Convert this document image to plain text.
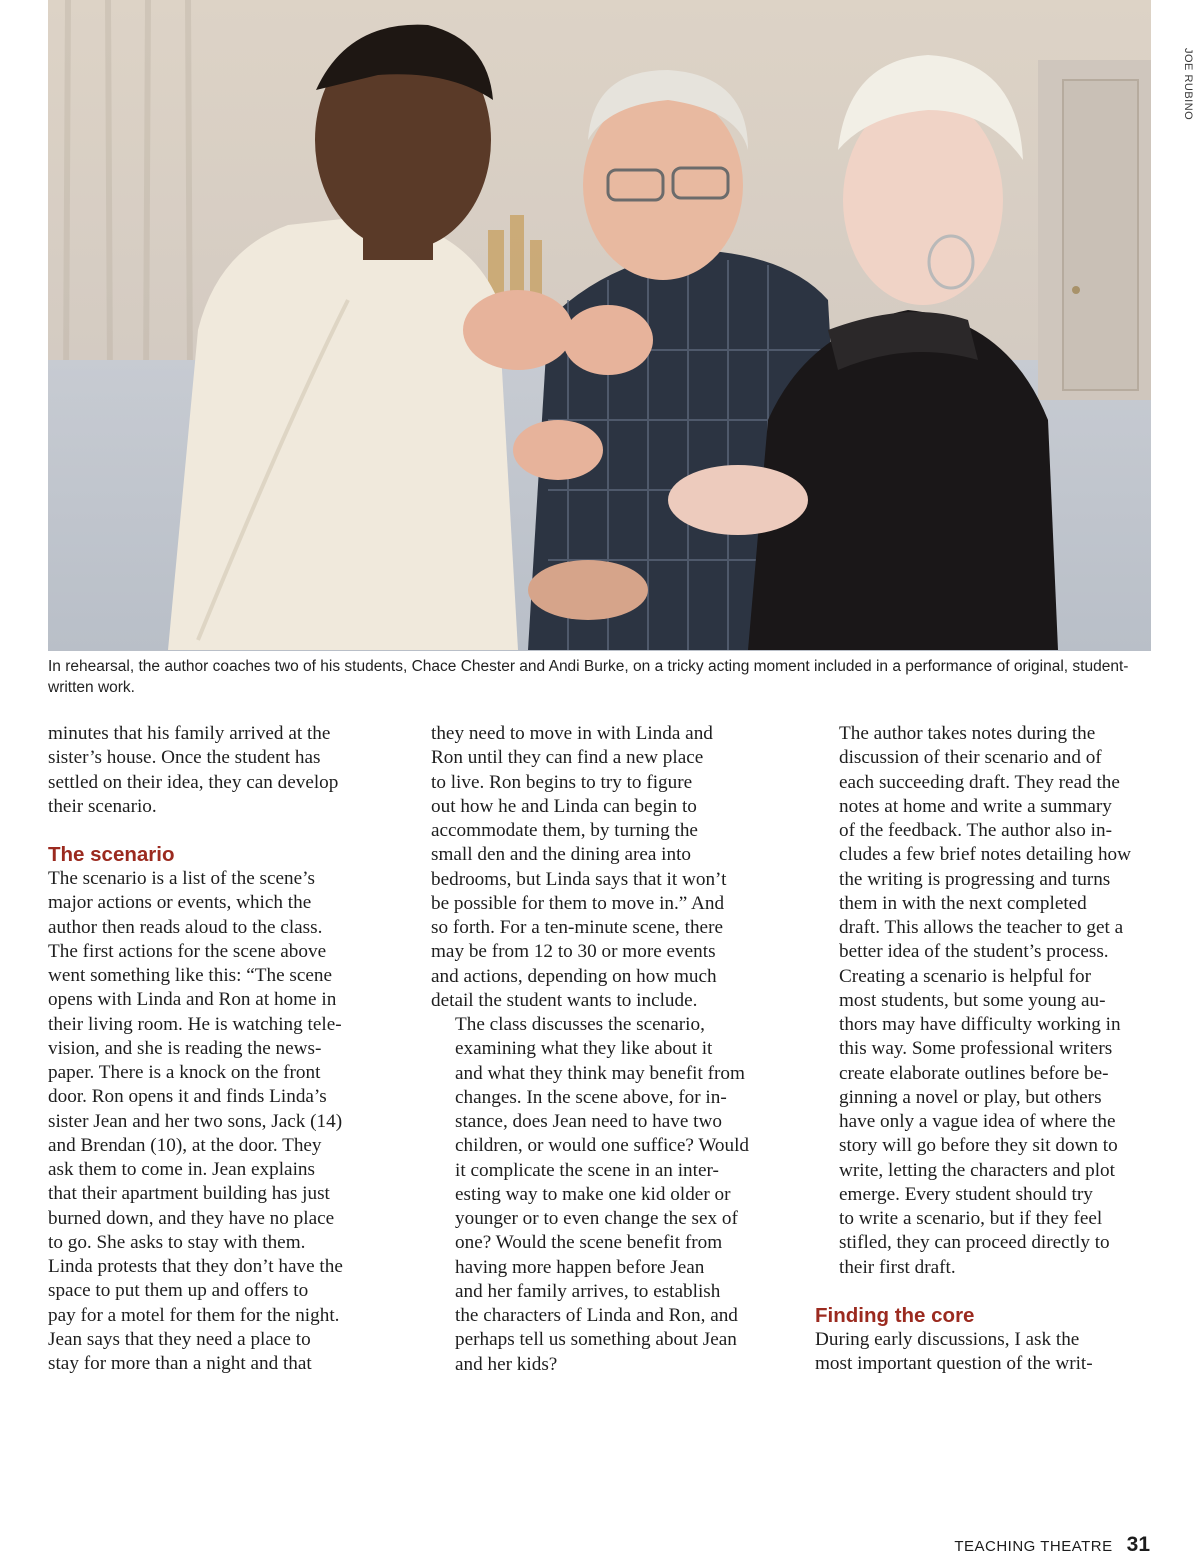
JOE RUBINO
In rehearsal, the author coaches two of his students, Chace Chester and Andi Burke, on a tricky acting moment included in a performance of original, student-written work.

minutes that his family arrived at the
sister’s house. Once the student has
settled on their idea, they can develop
their scenario.

The scenario

The scenario is a list of the scene’s
major actions or events, which the
author then reads aloud to the class.
The first actions for the scene above
went something like this: “The scene
opens with Linda and Ron at home in
their living room. He is watching tele-
vision, and she is reading the news-
paper. There is a knock on the front
door. Ron opens it and finds Linda’s
sister Jean and her two sons, Jack (14)
and Brendan (10), at the door. They
ask them to come in. Jean explains
that their apartment building has just
burned down, and they have no place
to go. She asks to stay with them.
Linda protests that they don’t have the
space to put them up and offers to
pay for a motel for them for the night.
Jean says that they need a place to
stay for more than a night and that

they need to move in with Linda and
Ron until they can find a new place
to live. Ron begins to try to figure
out how he and Linda can begin to
accommodate them, by turning the
small den and the dining area into
bedrooms, but Linda says that it won’t
be possible for them to move in.” And
so forth. For a ten-minute scene, there
may be from 12 to 30 or more events
and actions, depending on how much
detail the student wants to include.

The class discusses the scenario,
examining what they like about it
and what they think may benefit from
changes. In the scene above, for in-
stance, does Jean need to have two
children, or would one suffice? Would
it complicate the scene in an inter-
esting way to make one kid older or
younger or to even change the sex of
one? Would the scene benefit from
having more happen before Jean
and her family arrives, to establish
the characters of Linda and Ron, and
perhaps tell us something about Jean
and her kids?

The author takes notes during the
discussion of their scenario and of
each succeeding draft. They read the
notes at home and write a summary
of the feedback. The author also in-
cludes a few brief notes detailing how
the writing is progressing and turns
them in with the next completed
draft. This allows the teacher to get a
better idea of the student’s process.

Creating a scenario is helpful for
most students, but some young au-
thors may have difficulty working in
this way. Some professional writers
create elaborate outlines before be-
ginning a novel or play, but others
have only a vague idea of where the
story will go before they sit down to
write, letting the characters and plot
emerge. Every student should try
to write a scenario, but if they feel
stifled, they can proceed directly to
their first draft.

Finding the core

During early discussions, I ask the
most important question of the writ-

TEACHING THEATRE 31
